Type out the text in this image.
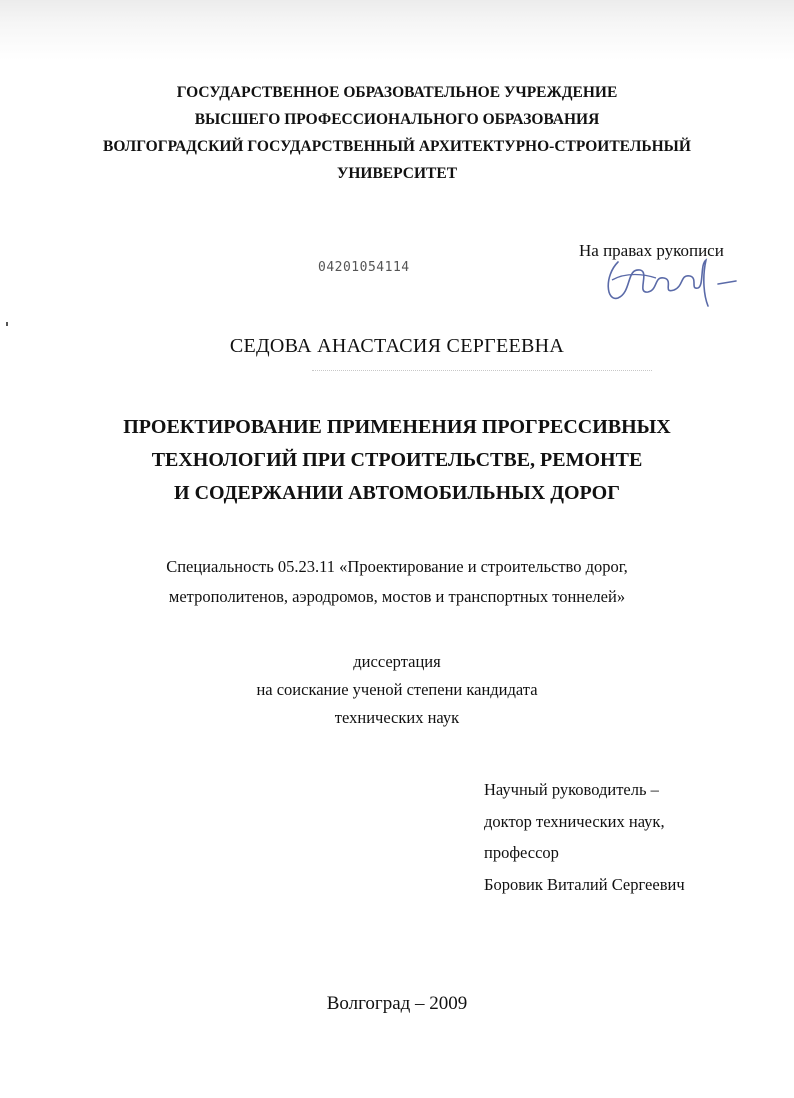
ГОСУДАРСТВЕННОЕ ОБРАЗОВАТЕЛЬНОЕ УЧРЕЖДЕНИЕ
ВЫСШЕГО ПРОФЕССИОНАЛЬНОГО ОБРАЗОВАНИЯ
ВОЛГОГРАДСКИЙ ГОСУДАРСТВЕННЫЙ АРХИТЕКТУРНО-СТРОИТЕЛЬНЫЙ
УНИВЕРСИТЕТ
04201054114
На правах рукописи
СЕДОВА АНАСТАСИЯ СЕРГЕЕВНА
ПРОЕКТИРОВАНИЕ ПРИМЕНЕНИЯ ПРОГРЕССИВНЫХ
ТЕХНОЛОГИЙ ПРИ СТРОИТЕЛЬСТВЕ, РЕМОНТЕ
И СОДЕРЖАНИИ АВТОМОБИЛЬНЫХ ДОРОГ
Специальность 05.23.11 «Проектирование и строительство дорог,
метрополитенов, аэродромов, мостов и транспортных тоннелей»
диссертация
на соискание ученой степени кандидата
технических наук
Научный руководитель –
доктор технических наук,
профессор
Боровик Виталий Сергеевич
Волгоград – 2009
